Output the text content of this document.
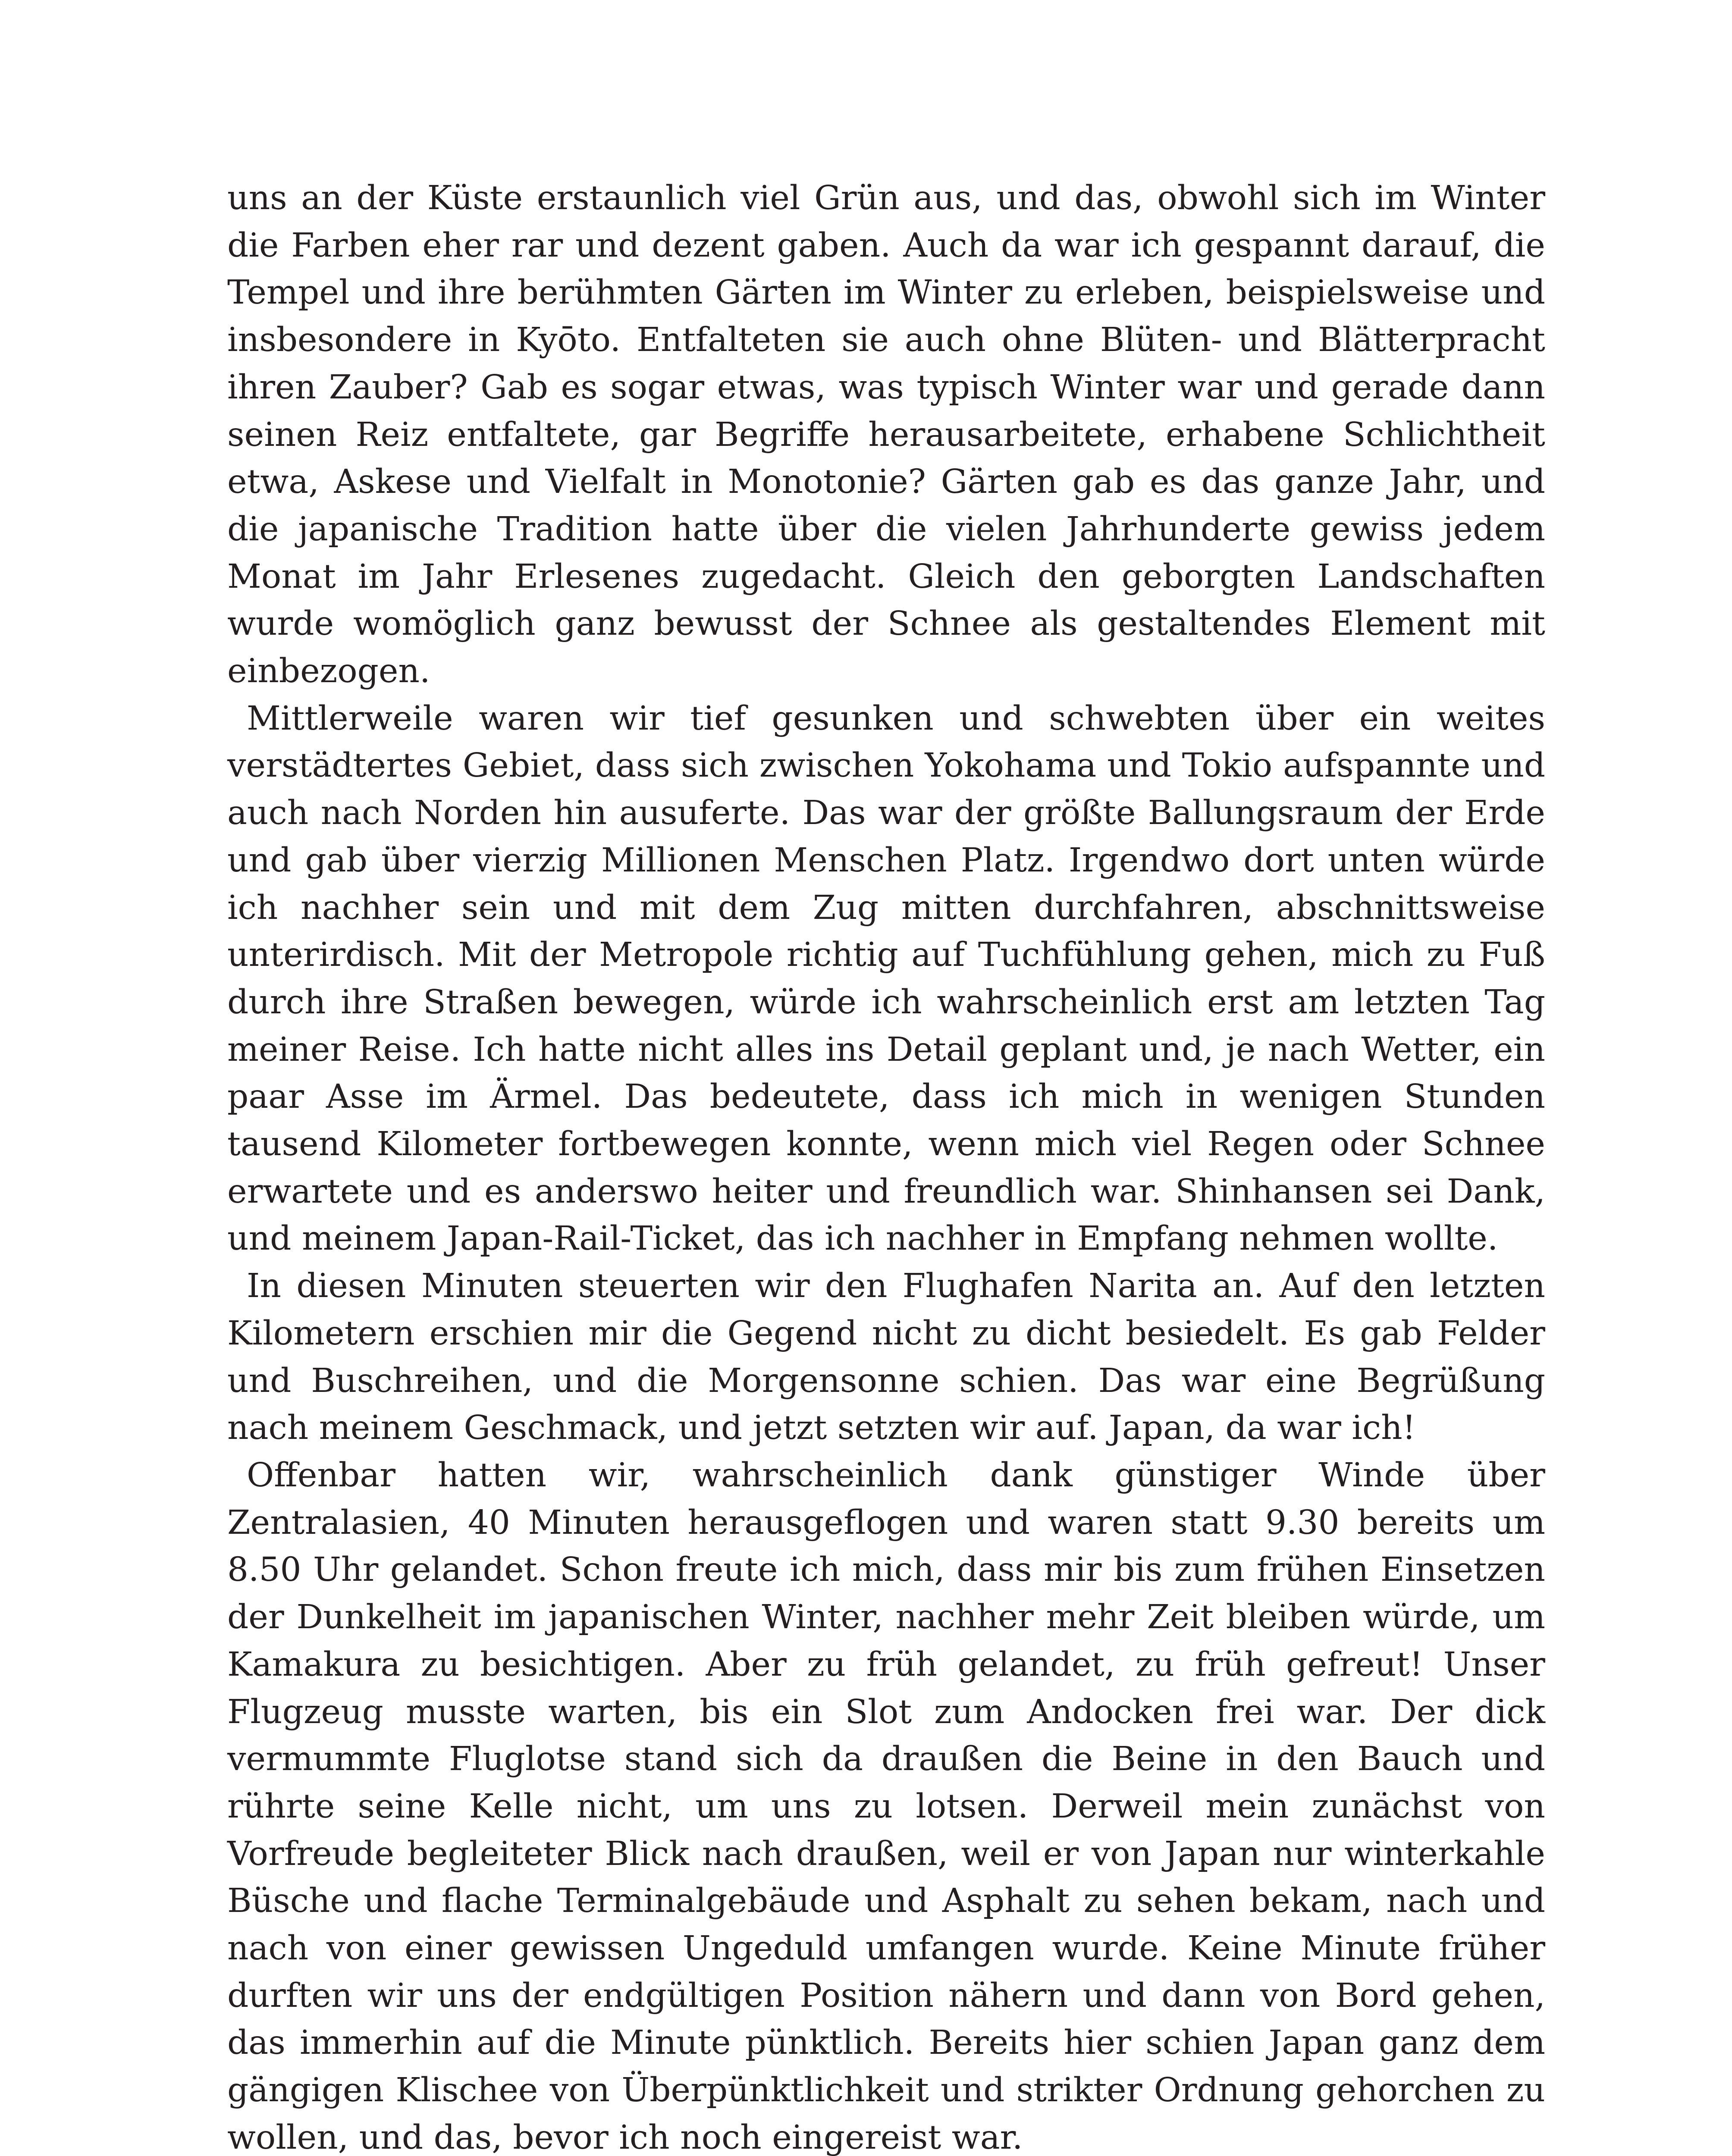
uns an der Küste erstaunlich viel Grün aus, und das, obwohl sich im Winter die Farben eher rar und dezent gaben. Auch da war ich gespannt darauf, die Tempel und ihre berühmten Gärten im Winter zu erleben, beispielsweise und insbesondere in Kyōto. Entfalteten sie auch ohne Blüten- und Blätterpracht ihren Zauber? Gab es sogar etwas, was typisch Winter war und gerade dann seinen Reiz entfaltete, gar Begriffe herausarbeitete, erhabene Schlichtheit etwa, Askese und Vielfalt in Monotonie? Gärten gab es das ganze Jahr, und die japanische Tradition hatte über die vielen Jahrhunderte gewiss jedem Monat im Jahr Erlesenes zugedacht. Gleich den geborgten Landschaften wurde womöglich ganz bewusst der Schnee als gestaltendes Element mit einbezogen.

Mittlerweile waren wir tief gesunken und schwebten über ein weites verstädtertes Gebiet, dass sich zwischen Yokohama und Tokio aufspannte und auch nach Norden hin ausuferte. Das war der größte Ballungsraum der Erde und gab über vierzig Millionen Menschen Platz. Irgendwo dort unten würde ich nachher sein und mit dem Zug mitten durchfahren, abschnittsweise unterirdisch. Mit der Metropole richtig auf Tuchfühlung gehen, mich zu Fuß durch ihre Straßen bewegen, würde ich wahrscheinlich erst am letzten Tag meiner Reise. Ich hatte nicht alles ins Detail geplant und, je nach Wetter, ein paar Asse im Ärmel. Das bedeutete, dass ich mich in wenigen Stunden tausend Kilometer fortbewegen konnte, wenn mich viel Regen oder Schnee erwartete und es anderswo heiter und freundlich war. Shinhansen sei Dank, und meinem Japan-Rail-Ticket, das ich nachher in Empfang nehmen wollte.

In diesen Minuten steuerten wir den Flughafen Narita an. Auf den letzten Kilometern erschien mir die Gegend nicht zu dicht besiedelt. Es gab Felder und Buschreihen, und die Morgensonne schien. Das war eine Begrüßung nach meinem Geschmack, und jetzt setzten wir auf. Japan, da war ich!

Offenbar hatten wir, wahrscheinlich dank günstiger Winde über Zentralasien, 40 Minuten herausgeflogen und waren statt 9.30 bereits um 8.50 Uhr gelandet. Schon freute ich mich, dass mir bis zum frühen Einsetzen der Dunkelheit im japanischen Winter, nachher mehr Zeit bleiben würde, um Kamakura zu besichtigen. Aber zu früh gelandet, zu früh gefreut! Unser Flugzeug musste warten, bis ein Slot zum Andocken frei war. Der dick vermummte Fluglotse stand sich da draußen die Beine in den Bauch und rührte seine Kelle nicht, um uns zu lotsen. Derweil mein zunächst von Vorfreude begleiteter Blick nach draußen, weil er von Japan nur winterkahle Büsche und flache Terminalgebäude und Asphalt zu sehen bekam, nach und nach von einer gewissen Ungeduld umfangen wurde. Keine Minute früher durften wir uns der endgültigen Position nähern und dann von Bord gehen, das immerhin auf die Minute pünktlich. Bereits hier schien Japan ganz dem gängigen Klischee von Überpünktlichkeit und strikter Ordnung gehorchen zu wollen, und das, bevor ich noch eingereist war.
